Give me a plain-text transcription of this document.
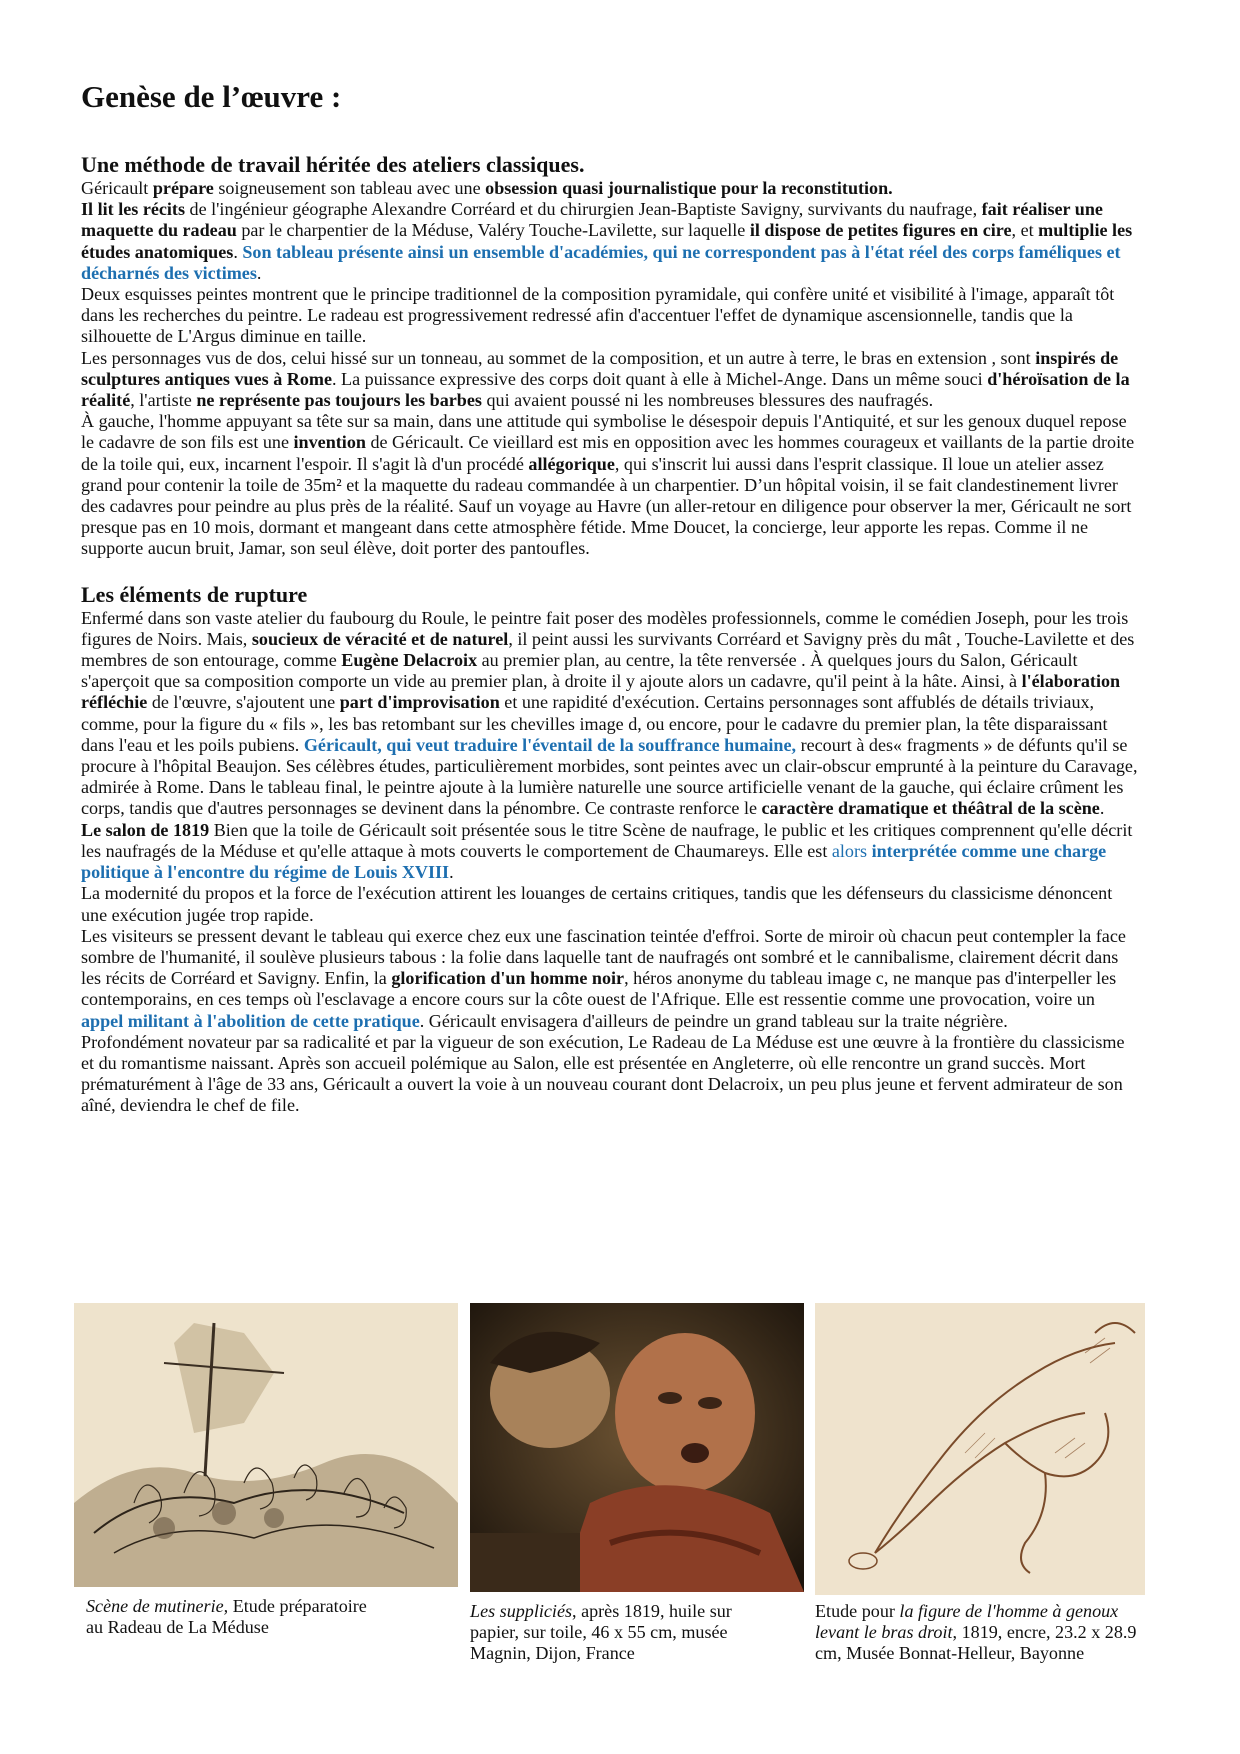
Genèse de l’œuvre :
Une méthode de travail héritée des ateliers classiques.

Géricault prépare soigneusement son tableau avec une obsession quasi journalistique pour la reconstitution.

Il lit les récits de l'ingénieur géographe Alexandre Corréard et du chirurgien Jean-Baptiste Savigny, survivants du naufrage, fait réaliser une maquette du radeau par le charpentier de la Méduse, Valéry Touche-Lavilette, sur laquelle il dispose de petites figures en cire, et multiplie les études anatomiques. Son tableau présente ainsi un ensemble d'académies, qui ne correspondent pas à l'état réel des corps faméliques et décharnés des victimes.

Deux esquisses peintes montrent que le principe traditionnel de la composition pyramidale, qui confère unité et visibilité à l'image, apparaît tôt dans les recherches du peintre. Le radeau est progressivement redressé afin d'accentuer l'effet de dynamique ascensionnelle, tandis que la silhouette de L'Argus diminue en taille.

Les personnages vus de dos, celui hissé sur un tonneau, au sommet de la composition, et un autre à terre, le bras en extension , sont inspirés de sculptures antiques vues à Rome. La puissance expressive des corps doit quant à elle à Michel-Ange. Dans un même souci d'héroïsation de la réalité, l'artiste ne représente pas toujours les barbes qui avaient poussé ni les nombreuses blessures des naufragés.

À gauche, l'homme appuyant sa tête sur sa main, dans une attitude qui symbolise le désespoir depuis l'Antiquité, et sur les genoux duquel repose le cadavre de son fils est une invention de Géricault. Ce vieillard est mis en opposition avec les hommes courageux et vaillants de la partie droite de la toile qui, eux, incarnent l'espoir. Il s'agit là d'un procédé allégorique, qui s'inscrit lui aussi dans l'esprit classique. Il loue un atelier assez grand pour contenir la toile de 35m² et la maquette du radeau commandée à un charpentier. D’un hôpital voisin, il se fait clandestinement livrer des cadavres pour peindre au plus près de la réalité. Sauf un voyage au Havre (un aller-retour en diligence pour observer la mer, Géricault ne sort presque pas en 10 mois, dormant et mangeant dans cette atmosphère fétide. Mme Doucet, la concierge, leur apporte les repas. Comme il ne supporte aucun bruit, Jamar, son seul élève, doit porter des pantoufles.

Les éléments de rupture

Enfermé dans son vaste atelier du faubourg du Roule, le peintre fait poser des modèles professionnels, comme le comédien Joseph, pour les trois figures de Noirs. Mais, soucieux de véracité et de naturel, il peint aussi les survivants Corréard et Savigny près du mât , Touche-Lavilette et des membres de son entourage, comme Eugène Delacroix au premier plan, au centre, la tête renversée . À quelques jours du Salon, Géricault s'aperçoit que sa composition comporte un vide au premier plan, à droite il y ajoute alors un cadavre, qu'il peint à la hâte. Ainsi, à l'élaboration réfléchie de l'œuvre, s'ajoutent une part d'improvisation et une rapidité d'exécution. Certains personnages sont affublés de détails triviaux, comme, pour la figure du « fils », les bas retombant sur les chevilles image d, ou encore, pour le cadavre du premier plan, la tête disparaissant dans l'eau et les poils pubiens. Géricault, qui veut traduire l'éventail de la souffrance humaine, recourt à des« fragments » de défunts qu'il se procure à l'hôpital Beaujon. Ses célèbres études, particulièrement morbides, sont peintes avec un clair-obscur emprunté à la peinture du Caravage, admirée à Rome. Dans le tableau final, le peintre ajoute à la lumière naturelle une source artificielle venant de la gauche, qui éclaire crûment les corps, tandis que d'autres personnages se devinent dans la pénombre. Ce contraste renforce le caractère dramatique et théâtral de la scène.

Le salon de 1819 Bien que la toile de Géricault soit présentée sous le titre Scène de naufrage, le public et les critiques comprennent qu'elle décrit les naufragés de la Méduse et qu'elle attaque à mots couverts le comportement de Chaumareys. Elle est alors interprétée comme une charge politique à l'encontre du régime de Louis XVIII.

La modernité du propos et la force de l'exécution attirent les louanges de certains critiques, tandis que les défenseurs du classicisme dénoncent une exécution jugée trop rapide.

Les visiteurs se pressent devant le tableau qui exerce chez eux une fascination teintée d'effroi. Sorte de miroir où chacun peut contempler la face sombre de l'humanité, il soulève plusieurs tabous : la folie dans laquelle tant de naufragés ont sombré et le cannibalisme, clairement décrit dans les récits de Corréard et Savigny. Enfin, la glorification d'un homme noir, héros anonyme du tableau image c, ne manque pas d'interpeller les contemporains, en ces temps où l'esclavage a encore cours sur la côte ouest de l'Afrique. Elle est ressentie comme une provocation, voire un appel militant à l'abolition de cette pratique. Géricault envisagera d'ailleurs de peindre un grand tableau sur la traite négrière.

Profondément novateur par sa radicalité et par la vigueur de son exécution, Le Radeau de La Méduse est une œuvre à la frontière du classicisme et du romantisme naissant. Après son accueil polémique au Salon, elle est présentée en Angleterre, où elle rencontre un grand succès. Mort prématurément à l'âge de 33 ans, Géricault a ouvert la voie à un nouveau courant dont Delacroix, un peu plus jeune et fervent admirateur de son aîné, deviendra le chef de file.

Scène de mutinerie, Etude préparatoire au Radeau de La Méduse
Les suppliciés, après 1819, huile sur papier, sur toile, 46 x 55 cm, musée Magnin, Dijon, France
Etude pour la figure de l'homme à genoux levant le bras droit, 1819, encre, 23.2 x 28.9 cm, Musée Bonnat-Helleur, Bayonne
